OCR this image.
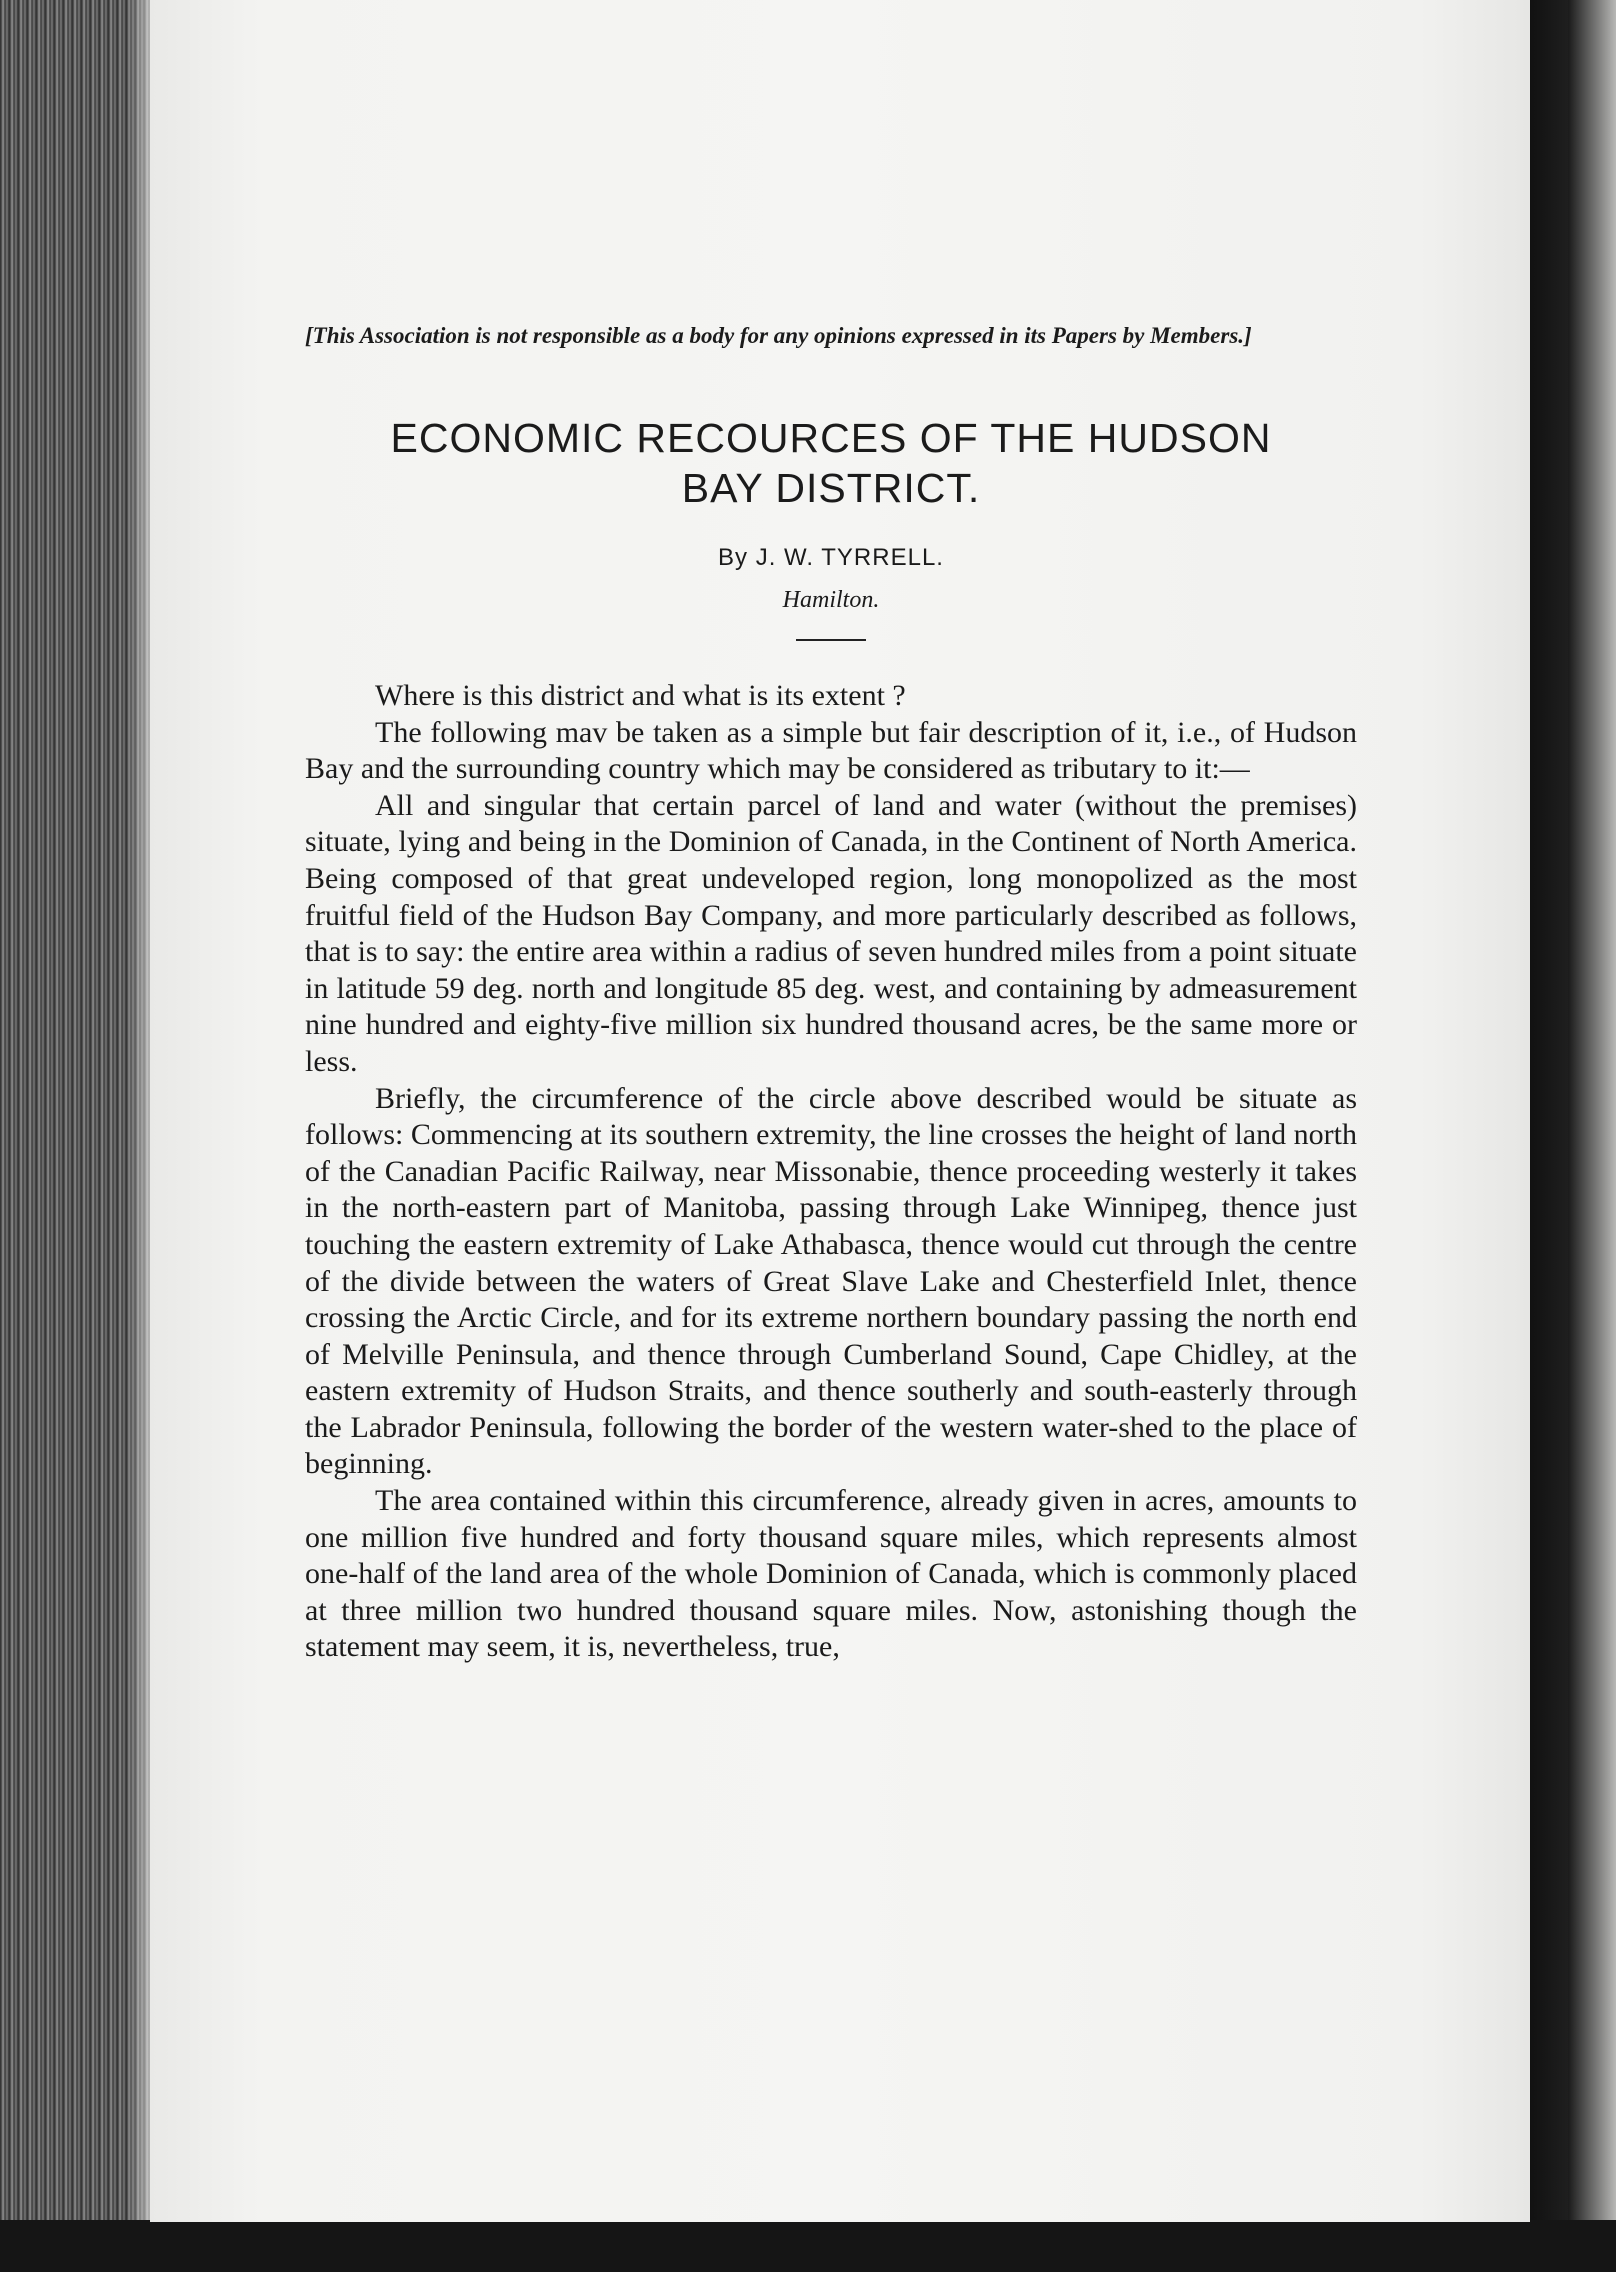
[This Association is not responsible as a body for any opinions expressed in its Papers by Members.]

ECONOMIC RECOURCES OF THE HUDSON
BAY DISTRICT.
By J. W. TYRRELL.
Hamilton.

Where is this district and what is its extent ?

The following mav be taken as a simple but fair description of it, i.e., of Hudson Bay and the surrounding country which may be considered as tributary to it:—

All and singular that certain parcel of land and water (without the premises) situate, lying and being in the Dominion of Canada, in the Continent of North America. Being composed of that great undeveloped region, long monopolized as the most fruitful field of the Hudson Bay Company, and more particularly described as follows, that is to say: the entire area within a radius of seven hundred miles from a point situate in latitude 59 deg. north and longitude 85 deg. west, and containing by admeasurement nine hundred and eighty-five million six hundred thousand acres, be the same more or less.

Briefly, the circumference of the circle above described would be situate as follows: Commencing at its southern extremity, the line crosses the height of land north of the Canadian Pacific Railway, near Missonabie, thence proceeding westerly it takes in the north-eastern part of Manitoba, passing through Lake Winnipeg, thence just touching the eastern extremity of Lake Athabasca, thence would cut through the centre of the divide between the waters of Great Slave Lake and Chesterfield Inlet, thence crossing the Arctic Circle, and for its extreme northern boundary passing the north end of Melville Peninsula, and thence through Cumberland Sound, Cape Chidley, at the eastern extremity of Hudson Straits, and thence southerly and south-easterly through the Labrador Peninsula, following the border of the western water-shed to the place of beginning.

The area contained within this circumference, already given in acres, amounts to one million five hundred and forty thousand square miles, which represents almost one-half of the land area of the whole Dominion of Canada, which is commonly placed at three million two hundred thousand square miles. Now, astonishing though the statement may seem, it is, nevertheless, true,
